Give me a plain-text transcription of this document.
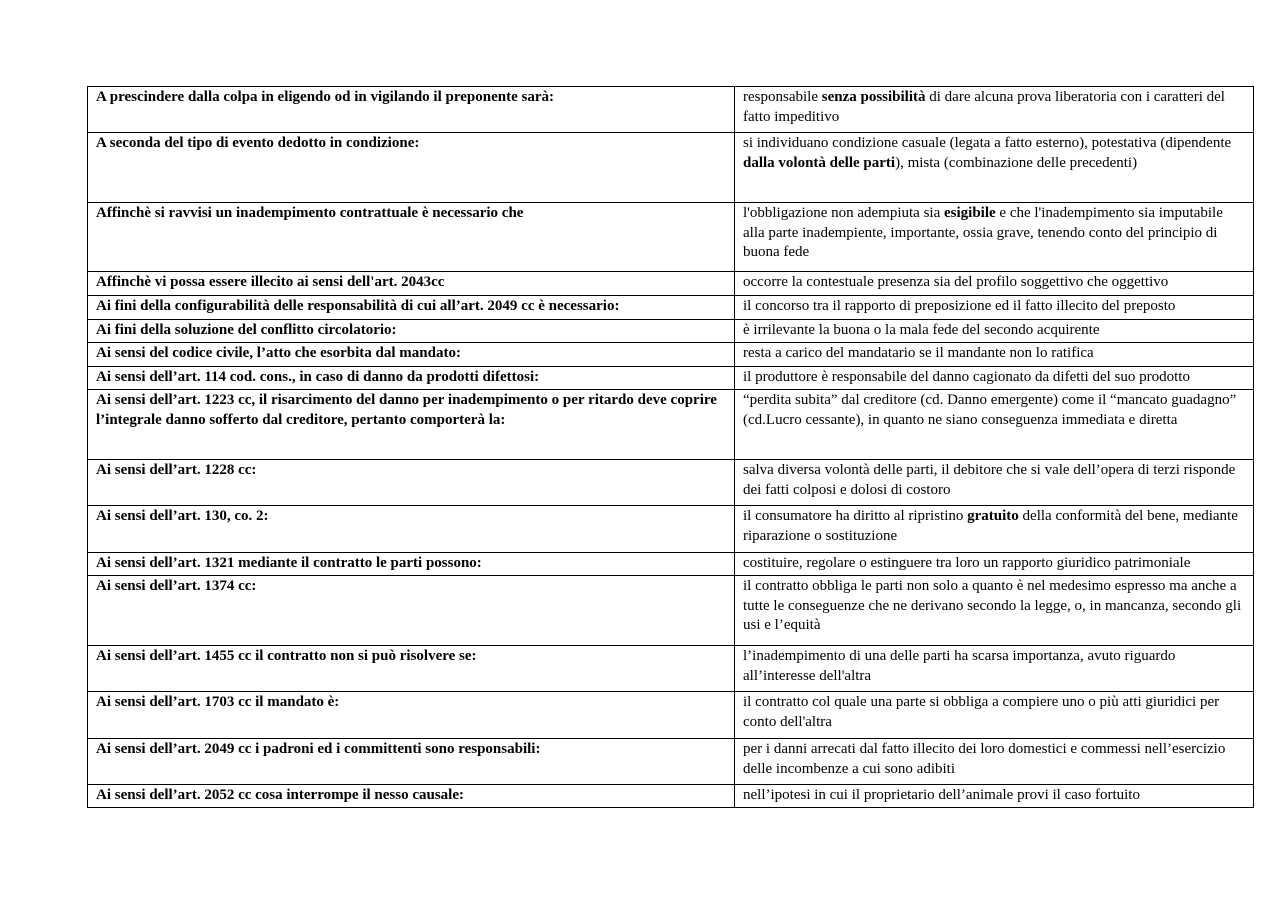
A prescindere dalla colpa in eligendo od in vigilando il preponente sarà:	responsabile senza possibilità di dare alcuna prova liberatoria con i caratteri del fatto impeditivo
A seconda del tipo di evento dedotto in condizione:	si individuano condizione casuale (legata a fatto esterno), potestativa (dipendente dalla volontà delle parti), mista (combinazione delle precedenti)
Affinchè si ravvisi un inadempimento contrattuale è necessario che	l'obbligazione non adempiuta sia esigibile e che l'inadempimento sia imputabile alla parte inadempiente, importante, ossia grave, tenendo conto del principio di buona fede
Affinchè vi possa essere illecito ai sensi dell'art. 2043cc	occorre la contestuale presenza sia del profilo soggettivo che oggettivo
Ai fini della configurabilità delle responsabilità di cui all’art. 2049 cc è necessario:	il concorso tra il rapporto di preposizione ed il fatto illecito del preposto
Ai fini della soluzione del conflitto circolatorio:	è irrilevante la buona o la mala fede del secondo acquirente
Ai sensi del codice civile, l’atto che esorbita dal mandato:	resta a carico del mandatario se il mandante non lo ratifica
Ai sensi dell’art. 114 cod. cons., in caso di danno da prodotti difettosi:	il produttore è responsabile del danno cagionato da difetti del suo prodotto
Ai sensi dell’art. 1223 cc, il risarcimento del danno per inadempimento o per ritardo deve coprire l’integrale danno sofferto dal creditore, pertanto comporterà la:	“perdita subita” dal creditore (cd. Danno emergente) come il “mancato guadagno” (cd.Lucro cessante), in quanto ne siano conseguenza immediata e diretta
Ai sensi dell’art. 1228 cc:	salva diversa volontà delle parti, il debitore che si vale dell’opera di terzi risponde dei fatti colposi e dolosi di costoro
Ai sensi dell’art. 130, co. 2:	il consumatore ha diritto al ripristino gratuito della conformità del bene, mediante riparazione o sostituzione
Ai sensi dell’art. 1321 mediante il contratto le parti possono:	costituire, regolare o estinguere tra loro un rapporto giuridico patrimoniale
Ai sensi dell’art. 1374 cc:	il contratto obbliga le parti non solo a quanto è nel medesimo espresso ma anche a tutte le conseguenze che ne derivano secondo la legge, o, in mancanza, secondo gli usi e l’equità
Ai sensi dell’art. 1455 cc il contratto non si può risolvere se:	l’inadempimento di una delle parti ha scarsa importanza, avuto riguardo all’interesse dell'altra
Ai sensi dell’art. 1703 cc il mandato è:	il contratto col quale una parte si obbliga a compiere uno o più atti giuridici per conto dell'altra
Ai sensi dell’art. 2049 cc i padroni ed i committenti sono responsabili:	per i danni arrecati dal fatto illecito dei loro domestici e commessi nell’esercizio delle incombenze a cui sono adibiti
Ai sensi dell’art. 2052 cc cosa interrompe il nesso causale:	nell’ipotesi in cui il proprietario dell’animale provi il caso fortuito
